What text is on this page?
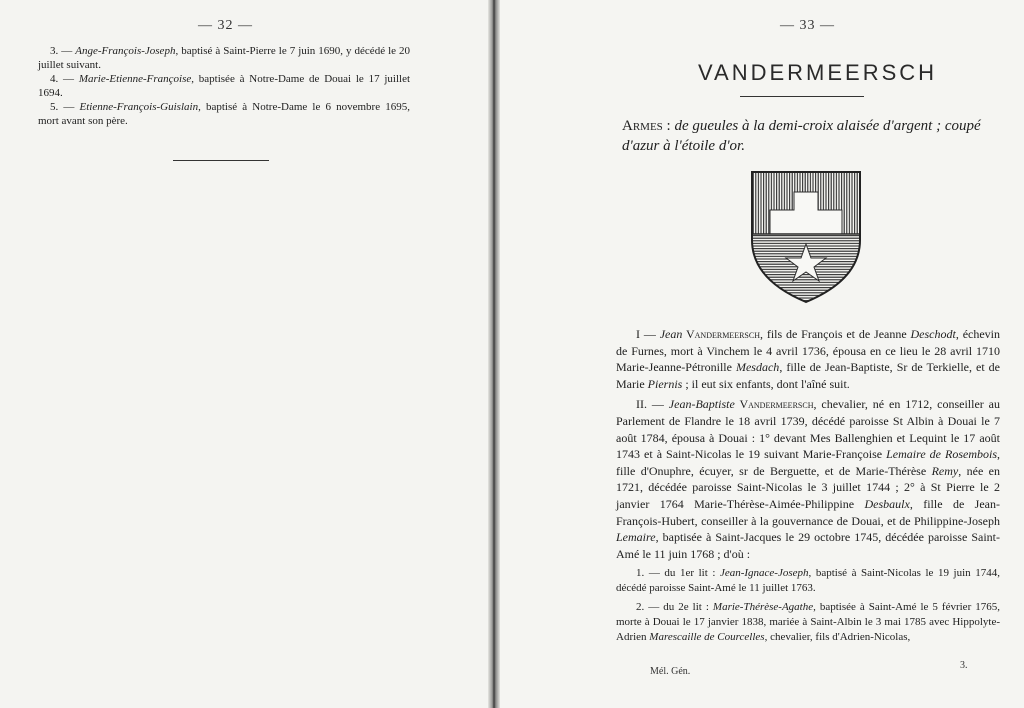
— 32 —

3. — Ange-François-Joseph, baptisé à Saint-Pierre le 7 juin 1690, y décédé le 20 juillet suivant.

4. — Marie-Etienne-Françoise, baptisée à Notre-Dame de Douai le 17 juillet 1694.

5. — Etienne-François-Guislain, baptisé à Notre-Dame le 6 novembre 1695, mort avant son père.

— 33 —
VANDERMEERSCH
Armes : de gueules à la demi-croix alaisée d'argent ; coupé d'azur à l'étoile d'or.

I — Jean Vandermeersch, fils de François et de Jeanne Deschodt, échevin de Furnes, mort à Vinchem le 4 avril 1736, épousa en ce lieu le 28 avril 1710 Marie-Jeanne-Pétronille Mesdach, fille de Jean-Baptiste, Sr de Terkielle, et de Marie Piernis ; il eut six enfants, dont l'aîné suit.

II. — Jean-Baptiste Vandermeersch, chevalier, né en 1712, conseiller au Parlement de Flandre le 18 avril 1739, décédé paroisse St Albin à Douai le 7 août 1784, épousa à Douai : 1° devant Mes Ballenghien et Lequint le 17 août 1743 et à Saint-Nicolas le 19 suivant Marie-Françoise Lemaire de Rosembois, fille d'Onuphre, écuyer, sr de Berguette, et de Marie-Thérèse Remy, née en 1721, décédée paroisse Saint-Nicolas le 3 juillet 1744 ; 2° à St Pierre le 2 janvier 1764 Marie-Thérèse-Aimée-Philippine Desbaulx, fille de Jean-François-Hubert, conseiller à la gouvernance de Douai, et de Philippine-Joseph Lemaire, baptisée à Saint-Jacques le 29 octobre 1745, décédée paroisse Saint-Amé le 11 juin 1768 ; d'où :

1. — du 1er lit : Jean-Ignace-Joseph, baptisé à Saint-Nicolas le 19 juin 1744, décédé paroisse Saint-Amé le 11 juillet 1763.

2. — du 2e lit : Marie-Thérèse-Agathe, baptisée à Saint-Amé le 5 février 1765, morte à Douai le 17 janvier 1838, mariée à Saint-Albin le 3 mai 1785 avec Hippolyte-Adrien Marescaille de Courcelles, chevalier, fils d'Adrien-Nicolas,

Mél. Gén.
3.
